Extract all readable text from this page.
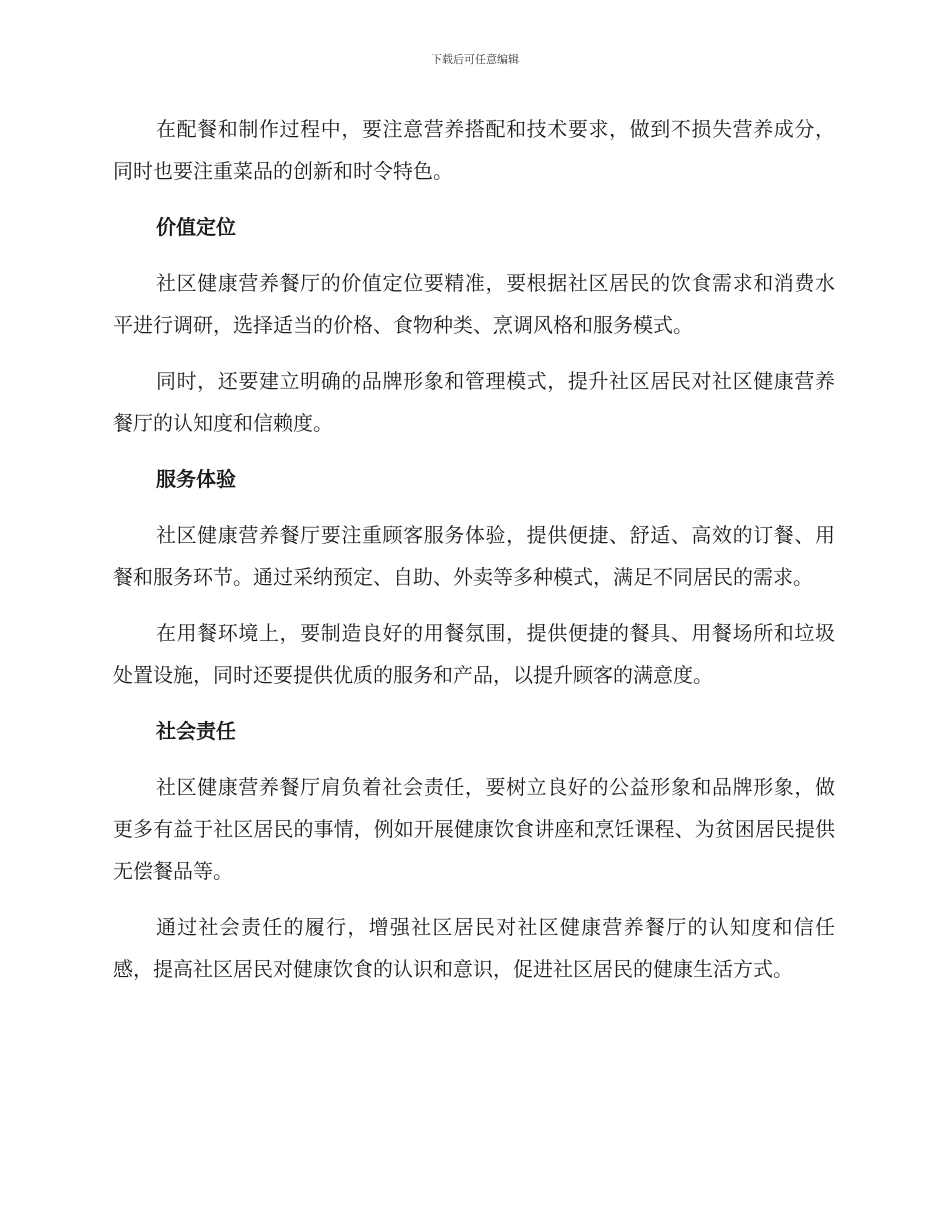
下载后可任意编辑

在配餐和制作过程中，要注意营养搭配和技术要求，做到不损失营养成分，同时也要注重菜品的创新和时令特色。

价值定位

社区健康营养餐厅的价值定位要精准，要根据社区居民的饮食需求和消费水平进行调研，选择适当的价格、食物种类、烹调风格和服务模式。

同时，还要建立明确的品牌形象和管理模式，提升社区居民对社区健康营养餐厅的认知度和信赖度。

服务体验

社区健康营养餐厅要注重顾客服务体验，提供便捷、舒适、高效的订餐、用餐和服务环节。通过采纳预定、自助、外卖等多种模式，满足不同居民的需求。

在用餐环境上，要制造良好的用餐氛围，提供便捷的餐具、用餐场所和垃圾处置设施，同时还要提供优质的服务和产品，以提升顾客的满意度。

社会责任

社区健康营养餐厅肩负着社会责任，要树立良好的公益形象和品牌形象，做更多有益于社区居民的事情，例如开展健康饮食讲座和烹饪课程、为贫困居民提供无偿餐品等。

通过社会责任的履行，增强社区居民对社区健康营养餐厅的认知度和信任感，提高社区居民对健康饮食的认识和意识，促进社区居民的健康生活方式。
